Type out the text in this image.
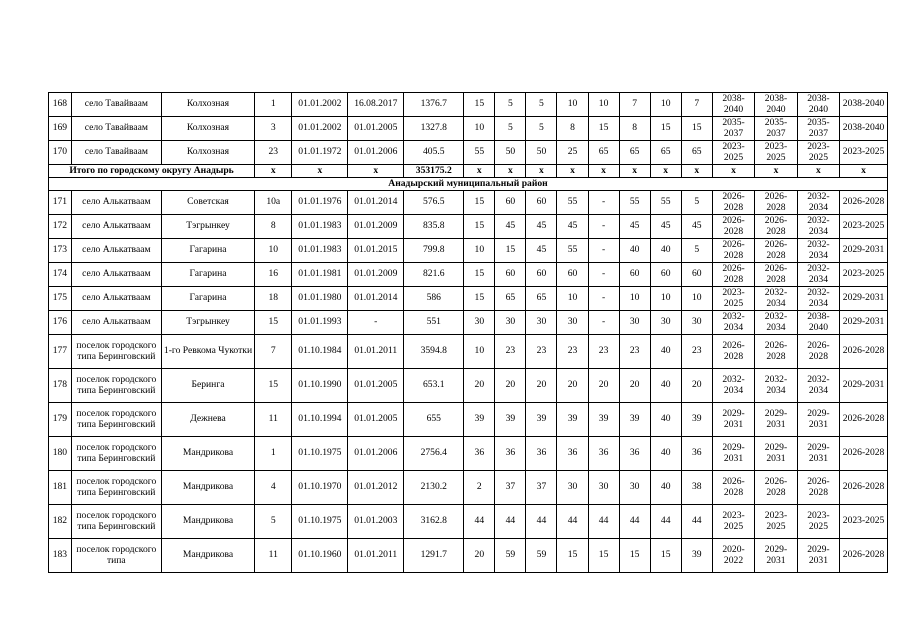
168	село Тавайваам	Колхозная	1	01.01.2002	16.08.2017	1376.7	15	5	5	10	10	7	10	7	2038-2040	2038-2040	2038-2040	2038-2040
169	село Тавайваам	Колхозная	3	01.01.2002	01.01.2005	1327.8	10	5	5	8	15	8	15	15	2035-2037	2035-2037	2035-2037	2038-2040
170	село Тавайваам	Колхозная	23	01.01.1972	01.01.2006	405.5	55	50	50	25	65	65	65	65	2023-2025	2023-2025	2023-2025	2023-2025
Итого по городскому округу Анадырь			x	x	x	353175.2	x	x	x	x	x	x	x	x	x	x	x	x
Анадырский муниципальный район																		
171	село Алькатваам	Советская	10а	01.01.1976	01.01.2014	576.5	15	60	60	55	-	55	55	5	2026-2028	2026-2028	2032-2034	2026-2028
172	село Алькатваам	Тэгрынкеу	8	01.01.1983	01.01.2009	835.8	15	45	45	45	-	45	45	45	2026-2028	2026-2028	2032-2034	2023-2025
173	село Алькатваам	Гагарина	10	01.01.1983	01.01.2015	799.8	10	15	45	55	-	40	40	5	2026-2028	2026-2028	2032-2034	2029-2031
174	село Алькатваам	Гагарина	16	01.01.1981	01.01.2009	821.6	15	60	60	60	-	60	60	60	2026-2028	2026-2028	2032-2034	2023-2025
175	село Алькатваам	Гагарина	18	01.01.1980	01.01.2014	586	15	65	65	10	-	10	10	10	2023-2025	2032-2034	2032-2034	2029-2031
176	село Алькатваам	Тэгрынкеу	15	01.01.1993	-	551	30	30	30	30	-	30	30	30	2032-2034	2032-2034	2038-2040	2029-2031
177	поселок городского типа Беринговский	1-го Ревкома Чукотки	7	01.10.1984	01.01.2011	3594.8	10	23	23	23	23	23	40	23	2026-2028	2026-2028	2026-2028	2026-2028
178	поселок городского типа Беринговский	Беринга	15	01.10.1990	01.01.2005	653.1	20	20	20	20	20	20	40	20	2032-2034	2032-2034	2032-2034	2029-2031
179	поселок городского типа Беринговский	Дежнева	11	01.10.1994	01.01.2005	655	39	39	39	39	39	39	40	39	2029-2031	2029-2031	2029-2031	2026-2028
180	поселок городского типа Беринговский	Мандрикова	1	01.10.1975	01.01.2006	2756.4	36	36	36	36	36	36	40	36	2029-2031	2029-2031	2029-2031	2026-2028
181	поселок городского типа Беринговский	Мандрикова	4	01.10.1970	01.01.2012	2130.2	2	37	37	30	30	30	40	38	2026-2028	2026-2028	2026-2028	2026-2028
182	поселок городского типа Беринговский	Мандрикова	5	01.10.1975	01.01.2003	3162.8	44	44	44	44	44	44	44	44	2023-2025	2023-2025	2023-2025	2023-2025
183	поселок городского типа	Мандрикова	11	01.10.1960	01.01.2011	1291.7	20	59	59	15	15	15	15	39	2020-2022	2029-2031	2029-2031	2026-2028
